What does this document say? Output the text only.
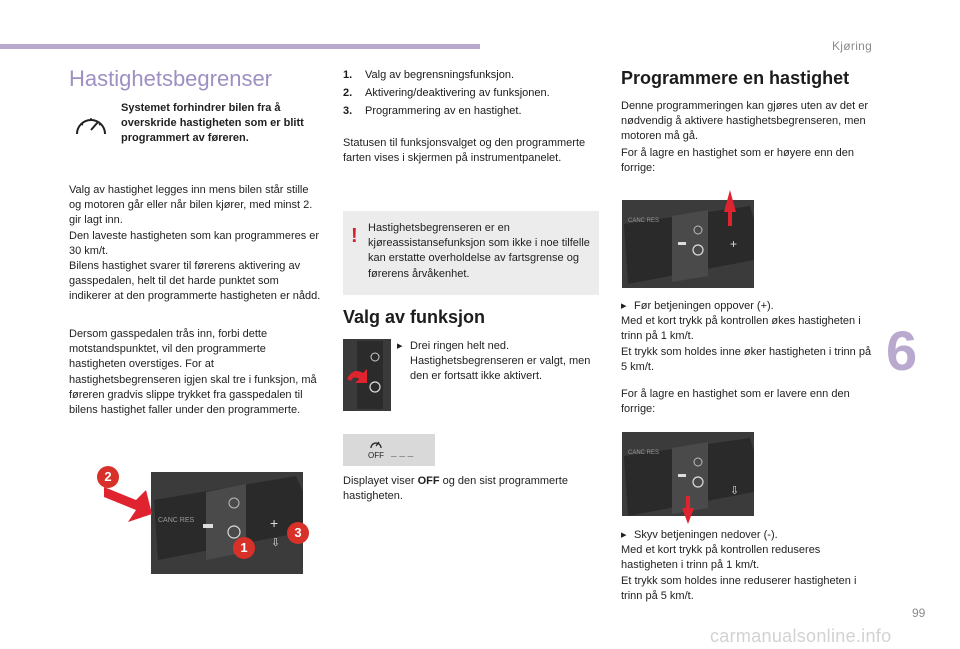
Kjøring
6
99
carmanualsonline.info
Hastighetsbegrenser
Systemet forhindrer bilen fra å overskride hastigheten som er blitt programmert av føreren.

Valg av hastighet legges inn mens bilen står stille og motoren går eller når bilen kjører, med minst 2. gir lagt inn.

Den laveste hastigheten som kan programmeres er 30 km/t.

Bilens hastighet svarer til førerens aktivering av gasspedalen, helt til det harde punktet som indikerer at den programmerte hastigheten er nådd.

Dersom gasspedalen trås inn, forbi dette motstandspunktet, vil den programmerte hastigheten overstiges. For at hastighetsbegrenseren igjen skal tre i funksjon, må føreren gradvis slippe trykket fra gasspedalen til bilens hastighet faller under den programmerte.
CANC RES	+
⇩
2
1
3
1.	Valg av begrensningsfunksjon.
2.	Aktivering/deaktivering av funksjonen.
3.	Programmering av en hastighet.
Statusen til funksjonsvalget og den programmerte farten vises i skjermen på instrumentpanelet.
! Hastighetsbegrenseren er en kjøreassistansefunksjon som ikke i noe tilfelle kan erstatte overholdelse av fartsgrense og førerens årvåkenhet.
Valg av funksjon
▸ Drei ringen helt ned. Hastighetsbegrenseren er valgt, men den er fortsatt ikke aktivert.
OFF _ _ _
Displayet viser OFF og den sist programmerte hastigheten.
Programmere en hastighet
Denne programmeringen kan gjøres uten av det er nødvendig å aktivere hastighetsbegrenseren, men motoren må gå.
For å lagre en hastighet som er høyere enn den forrige:
CANC RES
+
▸ Før betjeningen oppover (+).

Med et kort trykk på kontrollen økes hastigheten i trinn på 1 km/t.

Et trykk som holdes inne øker hastigheten i trinn på 5 km/t.

For å lagre en hastighet som er lavere enn den forrige:
CANC RES
⇩
▸ Skyv betjeningen nedover (-).

Med et kort trykk på kontrollen reduseres hastigheten i trinn på 1 km/t.

Et trykk som holdes inne reduserer hastigheten i trinn på 5 km/t.
